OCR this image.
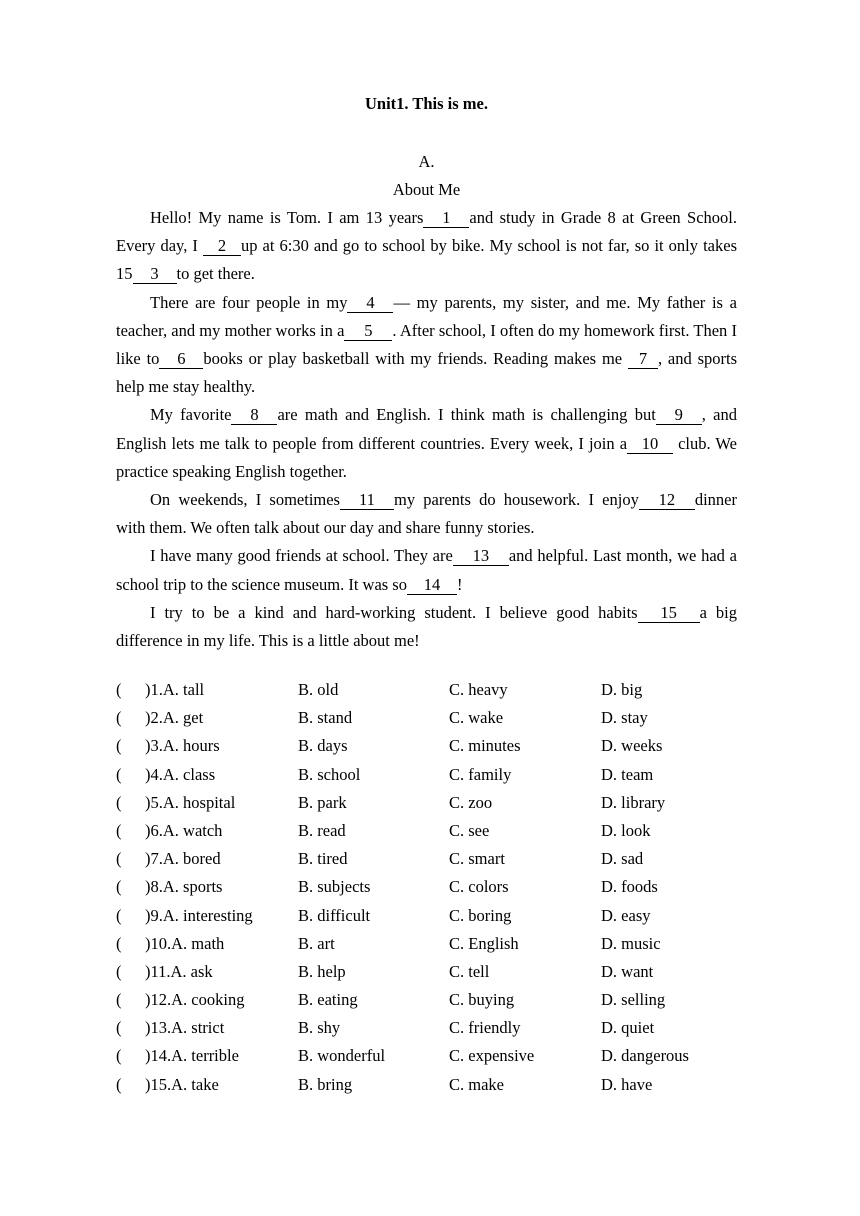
Unit1. This is me.
A.
About Me

Hello! My name is Tom. I am 13 years 1 and study in Grade 8 at Green School. Every day, I 2 up at 6:30 and go to school by bike. My school is not far, so it only takes 15 3 to get there.

There are four people in my 4 — my parents, my sister, and me. My father is a teacher, and my mother works in a 5 . After school, I often do my homework first. Then I like to 6 books or play basketball with my friends. Reading makes me 7 , and sports help me stay healthy.

My favorite 8 are math and English. I think math is challenging but 9 , and English lets me talk to people from different countries. Every week, I join a 10 club. We practice speaking English together.

On weekends, I sometimes 11 my parents do housework. I enjoy 12 dinner with them. We often talk about our day and share funny stories.

I have many good friends at school. They are 13 and helpful. Last month, we had a school trip to the science museum. It was so 14 !

I try to be a kind and hard-working student. I believe good habits 15 a big difference in my life. This is a little about me!

( )1.A. tall	B. old	C. heavy	D. big
( )2.A. get	B. stand	C. wake	D. stay
( )3.A. hours	B. days	C. minutes	D. weeks
( )4.A. class	B. school	C. family	D. team
( )5.A. hospital	B. park	C. zoo	D. library
( )6.A. watch	B. read	C. see	D. look
( )7.A. bored	B. tired	C. smart	D. sad
( )8.A. sports	B. subjects	C. colors	D. foods
( )9.A. interesting	B. difficult	C. boring	D. easy
( )10.A. math	B. art	C. English	D. music
( )11.A. ask	B. help	C. tell	D. want
( )12.A. cooking	B. eating	C. buying	D. selling
( )13.A. strict	B. shy	C. friendly	D. quiet
( )14.A. terrible	B. wonderful	C. expensive	D. dangerous
( )15.A. take	B. bring	C. make	D. have
